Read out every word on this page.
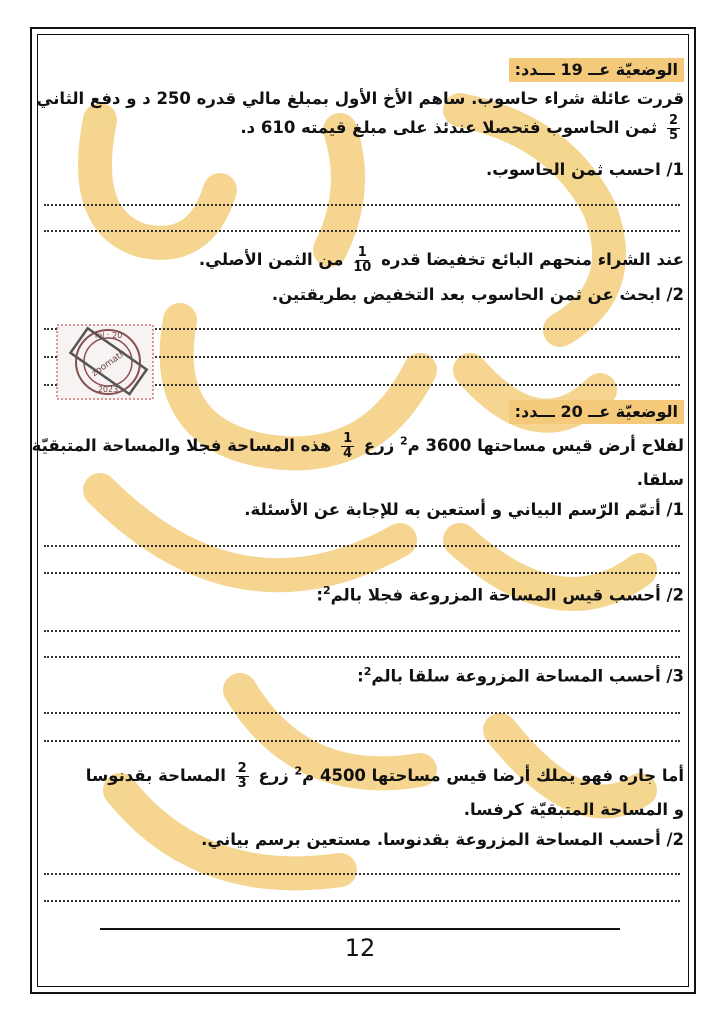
الوضعيّة عــ 19 ـــدد:
قررت عائلة شراء حاسوب. ساهم الأخ الأول بمبلغ مالي قدره 250 د و دفع الثاني
$\frac{2}{5}$
ثمن الحاسوب فتحصلا عندئذ على مبلغ قيمته 610 د.
1/ احسب ثمن الحاسوب.
عند الشراء منحهم البائع تخفيضا قدره
$\frac{1}{10}$
من الثمن الأصلي.
2/ ابحث عن ثمن الحاسوب بعد التخفيض بطريقتين.
Tel : 20
zoomath
2023
الوضعيّة عــ 20 ـــدد:
لفلاح أرض قيس مساحتها 3600 م$^2$ زرع
$\frac{1}{4}$
هذه المساحة فجلا والمساحة المتبقيّة
سلقا.
1/ أتمّم الرّسم البياني و أستعين به للإجابة عن الأسئلة.
2/ أحسب قيس المساحة المزروعة فجلا بالم$^2$:
3/ أحسب المساحة المزروعة سلقا بالم$^2$:
أما جاره فهو يملك أرضا قيس مساحتها 4500 م$^2$ زرع
$\frac{2}{3}$
المساحة بقدنوسا
و المساحة المتبقيّة كرفسا.
2/ أحسب المساحة المزروعة بقدنوسا. مستعين برسم بياني.
12
